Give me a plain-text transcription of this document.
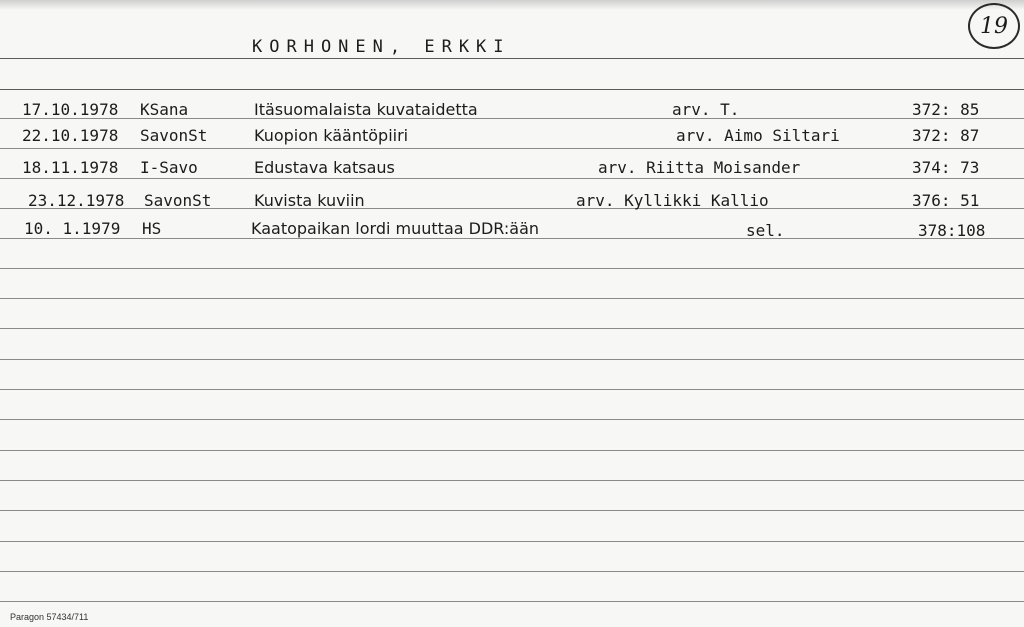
KORHONEN, ERKKI
19
17.10.1978 KSana	Itäsuomalaista kuvataidetta	arv. T.	372: 85
22.10.1978 SavonSt	Kuopion kääntöpiiri	arv. Aimo Siltari	372: 87
18.11.1978 I-Savo	Edustava katsaus	arv. Riitta Moisander	374: 73
23.12.1978 SavonSt	Kuvista kuviin	arv. Kyllikki Kallio	376: 51
10. 1.1979 HS	Kaatopaikan lordi muuttaa DDR:ään	sel.	378:108
Paragon 57434/711
